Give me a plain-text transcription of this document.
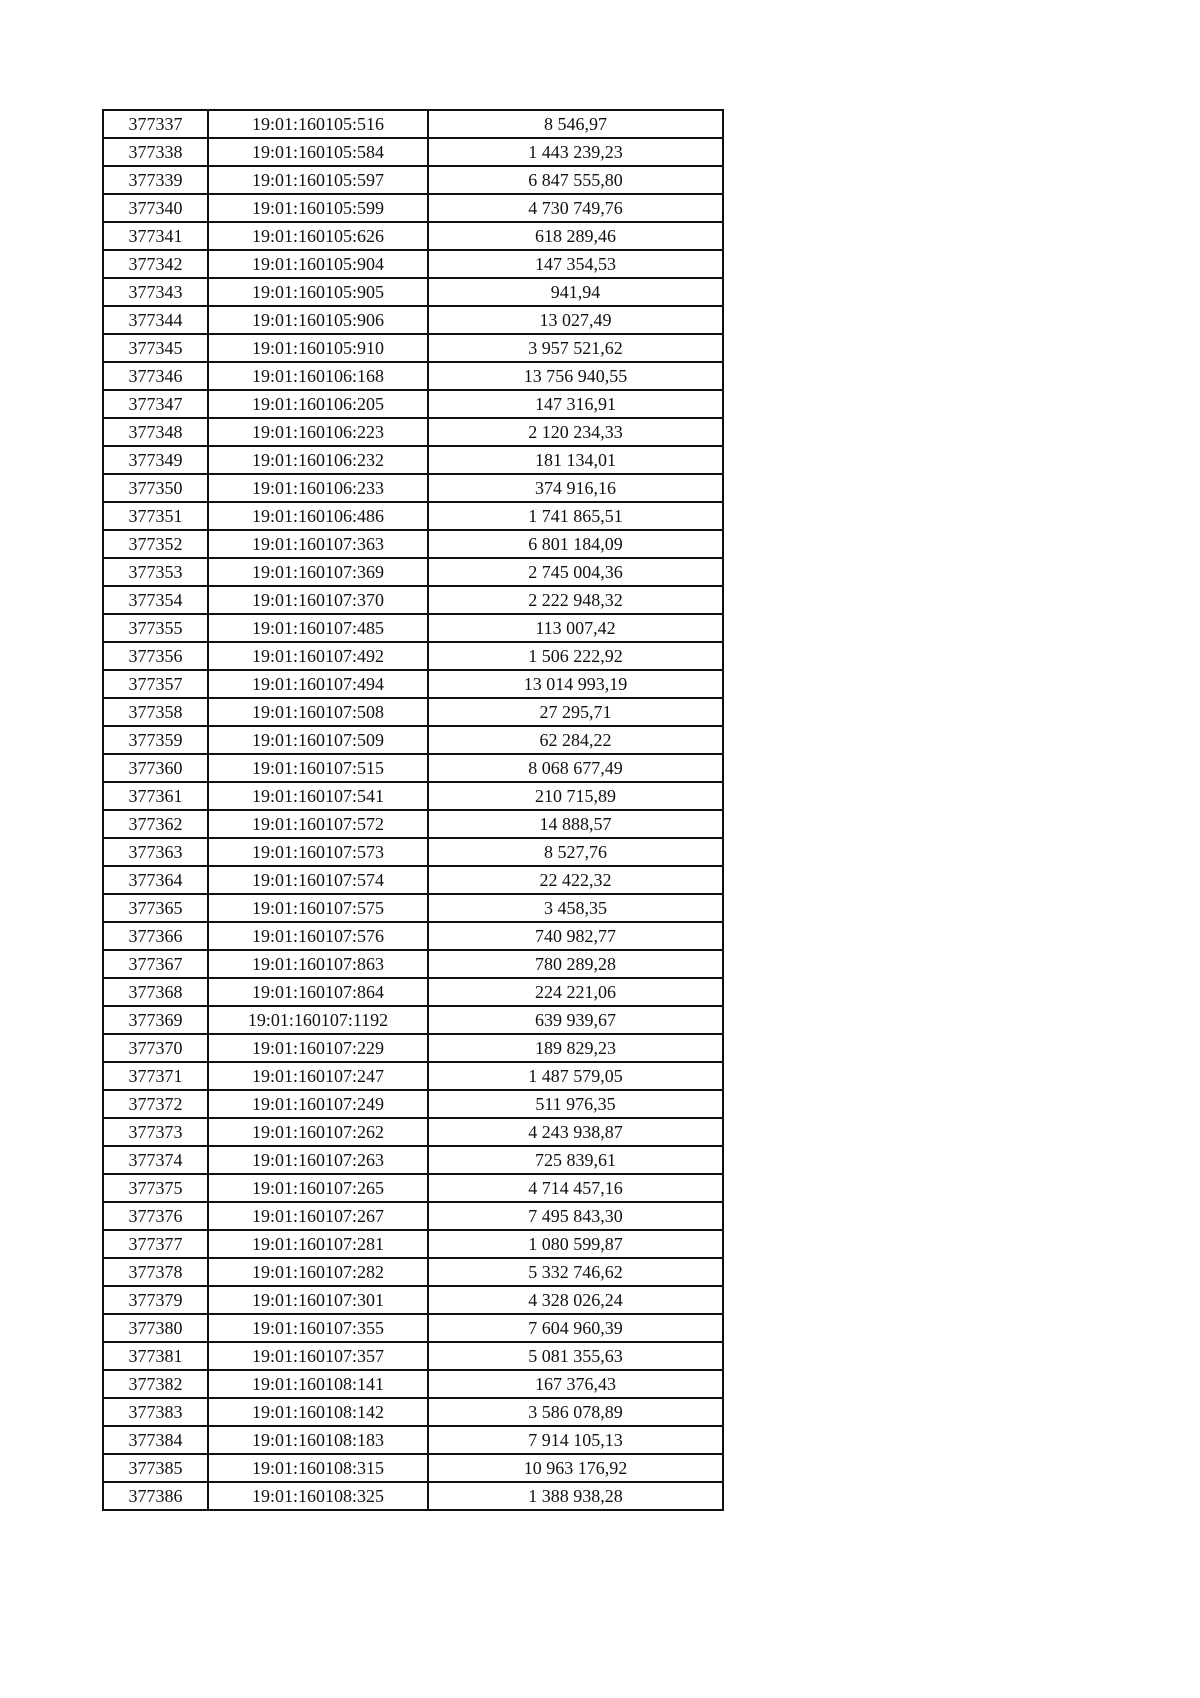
377337	19:01:160105:516	8 546,97
377338	19:01:160105:584	1 443 239,23
377339	19:01:160105:597	6 847 555,80
377340	19:01:160105:599	4 730 749,76
377341	19:01:160105:626	618 289,46
377342	19:01:160105:904	147 354,53
377343	19:01:160105:905	941,94
377344	19:01:160105:906	13 027,49
377345	19:01:160105:910	3 957 521,62
377346	19:01:160106:168	13 756 940,55
377347	19:01:160106:205	147 316,91
377348	19:01:160106:223	2 120 234,33
377349	19:01:160106:232	181 134,01
377350	19:01:160106:233	374 916,16
377351	19:01:160106:486	1 741 865,51
377352	19:01:160107:363	6 801 184,09
377353	19:01:160107:369	2 745 004,36
377354	19:01:160107:370	2 222 948,32
377355	19:01:160107:485	113 007,42
377356	19:01:160107:492	1 506 222,92
377357	19:01:160107:494	13 014 993,19
377358	19:01:160107:508	27 295,71
377359	19:01:160107:509	62 284,22
377360	19:01:160107:515	8 068 677,49
377361	19:01:160107:541	210 715,89
377362	19:01:160107:572	14 888,57
377363	19:01:160107:573	8 527,76
377364	19:01:160107:574	22 422,32
377365	19:01:160107:575	3 458,35
377366	19:01:160107:576	740 982,77
377367	19:01:160107:863	780 289,28
377368	19:01:160107:864	224 221,06
377369	19:01:160107:1192	639 939,67
377370	19:01:160107:229	189 829,23
377371	19:01:160107:247	1 487 579,05
377372	19:01:160107:249	511 976,35
377373	19:01:160107:262	4 243 938,87
377374	19:01:160107:263	725 839,61
377375	19:01:160107:265	4 714 457,16
377376	19:01:160107:267	7 495 843,30
377377	19:01:160107:281	1 080 599,87
377378	19:01:160107:282	5 332 746,62
377379	19:01:160107:301	4 328 026,24
377380	19:01:160107:355	7 604 960,39
377381	19:01:160107:357	5 081 355,63
377382	19:01:160108:141	167 376,43
377383	19:01:160108:142	3 586 078,89
377384	19:01:160108:183	7 914 105,13
377385	19:01:160108:315	10 963 176,92
377386	19:01:160108:325	1 388 938,28
